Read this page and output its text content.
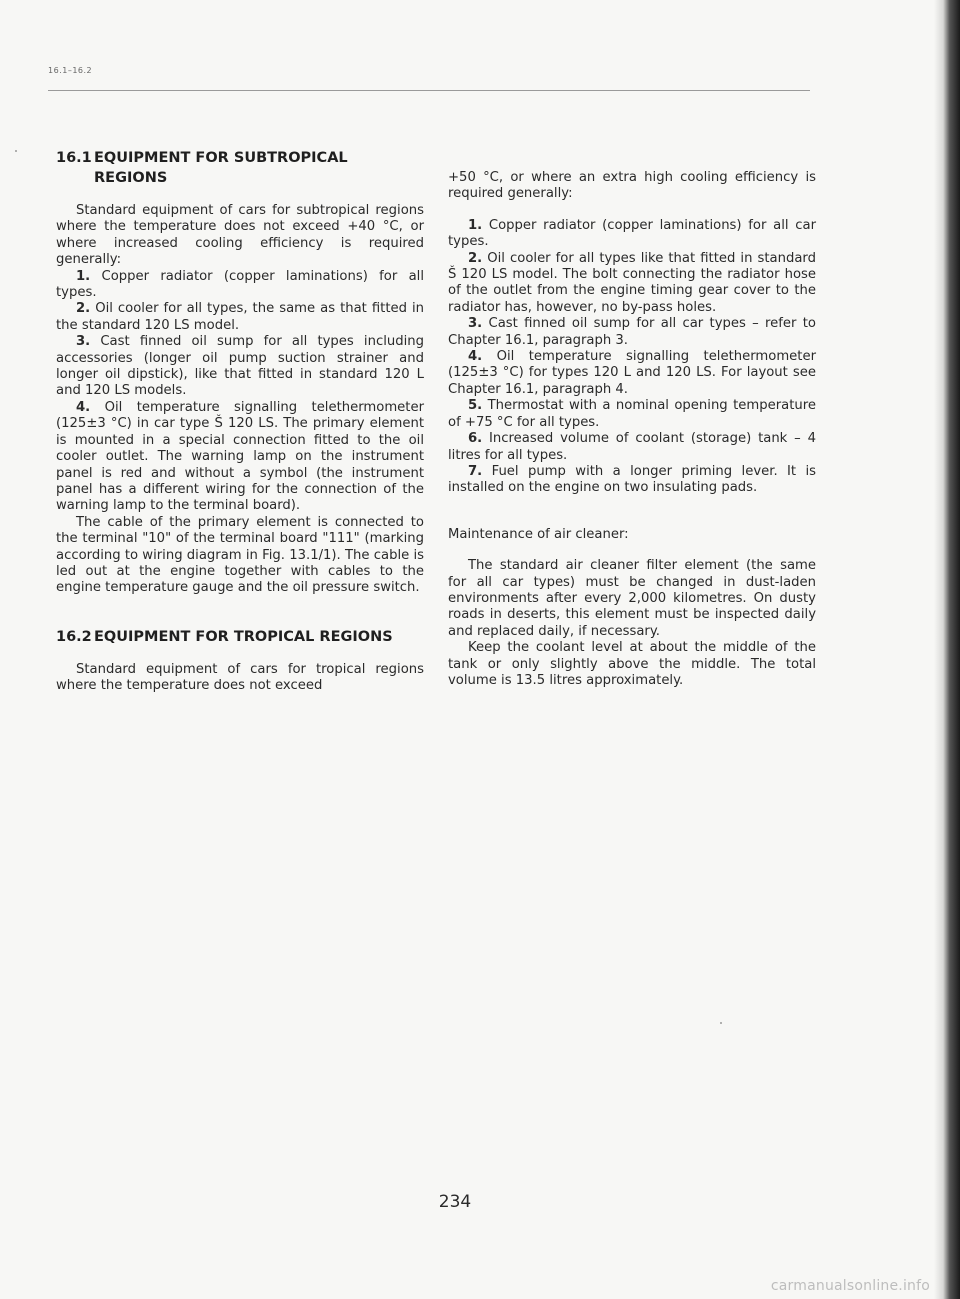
16.1–16.2
16.1 EQUIPMENT FOR SUBTROPICAL REGIONS

Standard equipment of cars for subtropical regions where the temperature does not exceed +40 °C, or where increased cooling efficiency is required generally:

1. Copper radiator (copper laminations) for all types.

2. Oil cooler for all types, the same as that fitted in the standard 120 LS model.

3. Cast finned oil sump for all types including accessories (longer oil pump suction strainer and longer oil dipstick), like that fitted in standard 120 L and 120 LS models.

4. Oil temperature signalling telethermometer (125±3 °C) in car type Š 120 LS. The primary element is mounted in a special connection fitted to the oil cooler outlet. The warning lamp on the instrument panel is red and without a symbol (the instrument panel has a different wiring for the connection of the warning lamp to the terminal board).

The cable of the primary element is connected to the terminal "10" of the terminal board "111" (marking according to wiring diagram in Fig. 13.1/1). The cable is led out at the engine together with cables to the engine temperature gauge and the oil pressure switch.

16.2 EQUIPMENT FOR TROPICAL REGIONS

Standard equipment of cars for tropical regions where the temperature does not exceed

+50 °C, or where an extra high cooling efficiency is required generally:

1. Copper radiator (copper laminations) for all car types.

2. Oil cooler for all types like that fitted in standard Š 120 LS model. The bolt connecting the radiator hose of the outlet from the engine timing gear cover to the radiator has, however, no by-pass holes.

3. Cast finned oil sump for all car types – refer to Chapter 16.1, paragraph 3.

4. Oil temperature signalling telethermometer (125±3 °C) for types 120 L and 120 LS. For layout see Chapter 16.1, paragraph 4.

5. Thermostat with a nominal opening temperature of +75 °C for all types.

6. Increased volume of coolant (storage) tank – 4 litres for all types.

7. Fuel pump with a longer priming lever. It is installed on the engine on two insulating pads.

Maintenance of air cleaner:

The standard air cleaner filter element (the same for all car types) must be changed in dust-laden environments after every 2,000 kilometres. On dusty roads in deserts, this element must be inspected daily and replaced daily, if necessary.

Keep the coolant level at about the middle of the tank or only slightly above the middle. The total volume is 13.5 litres approximately.

234
carmanualsonline.info
